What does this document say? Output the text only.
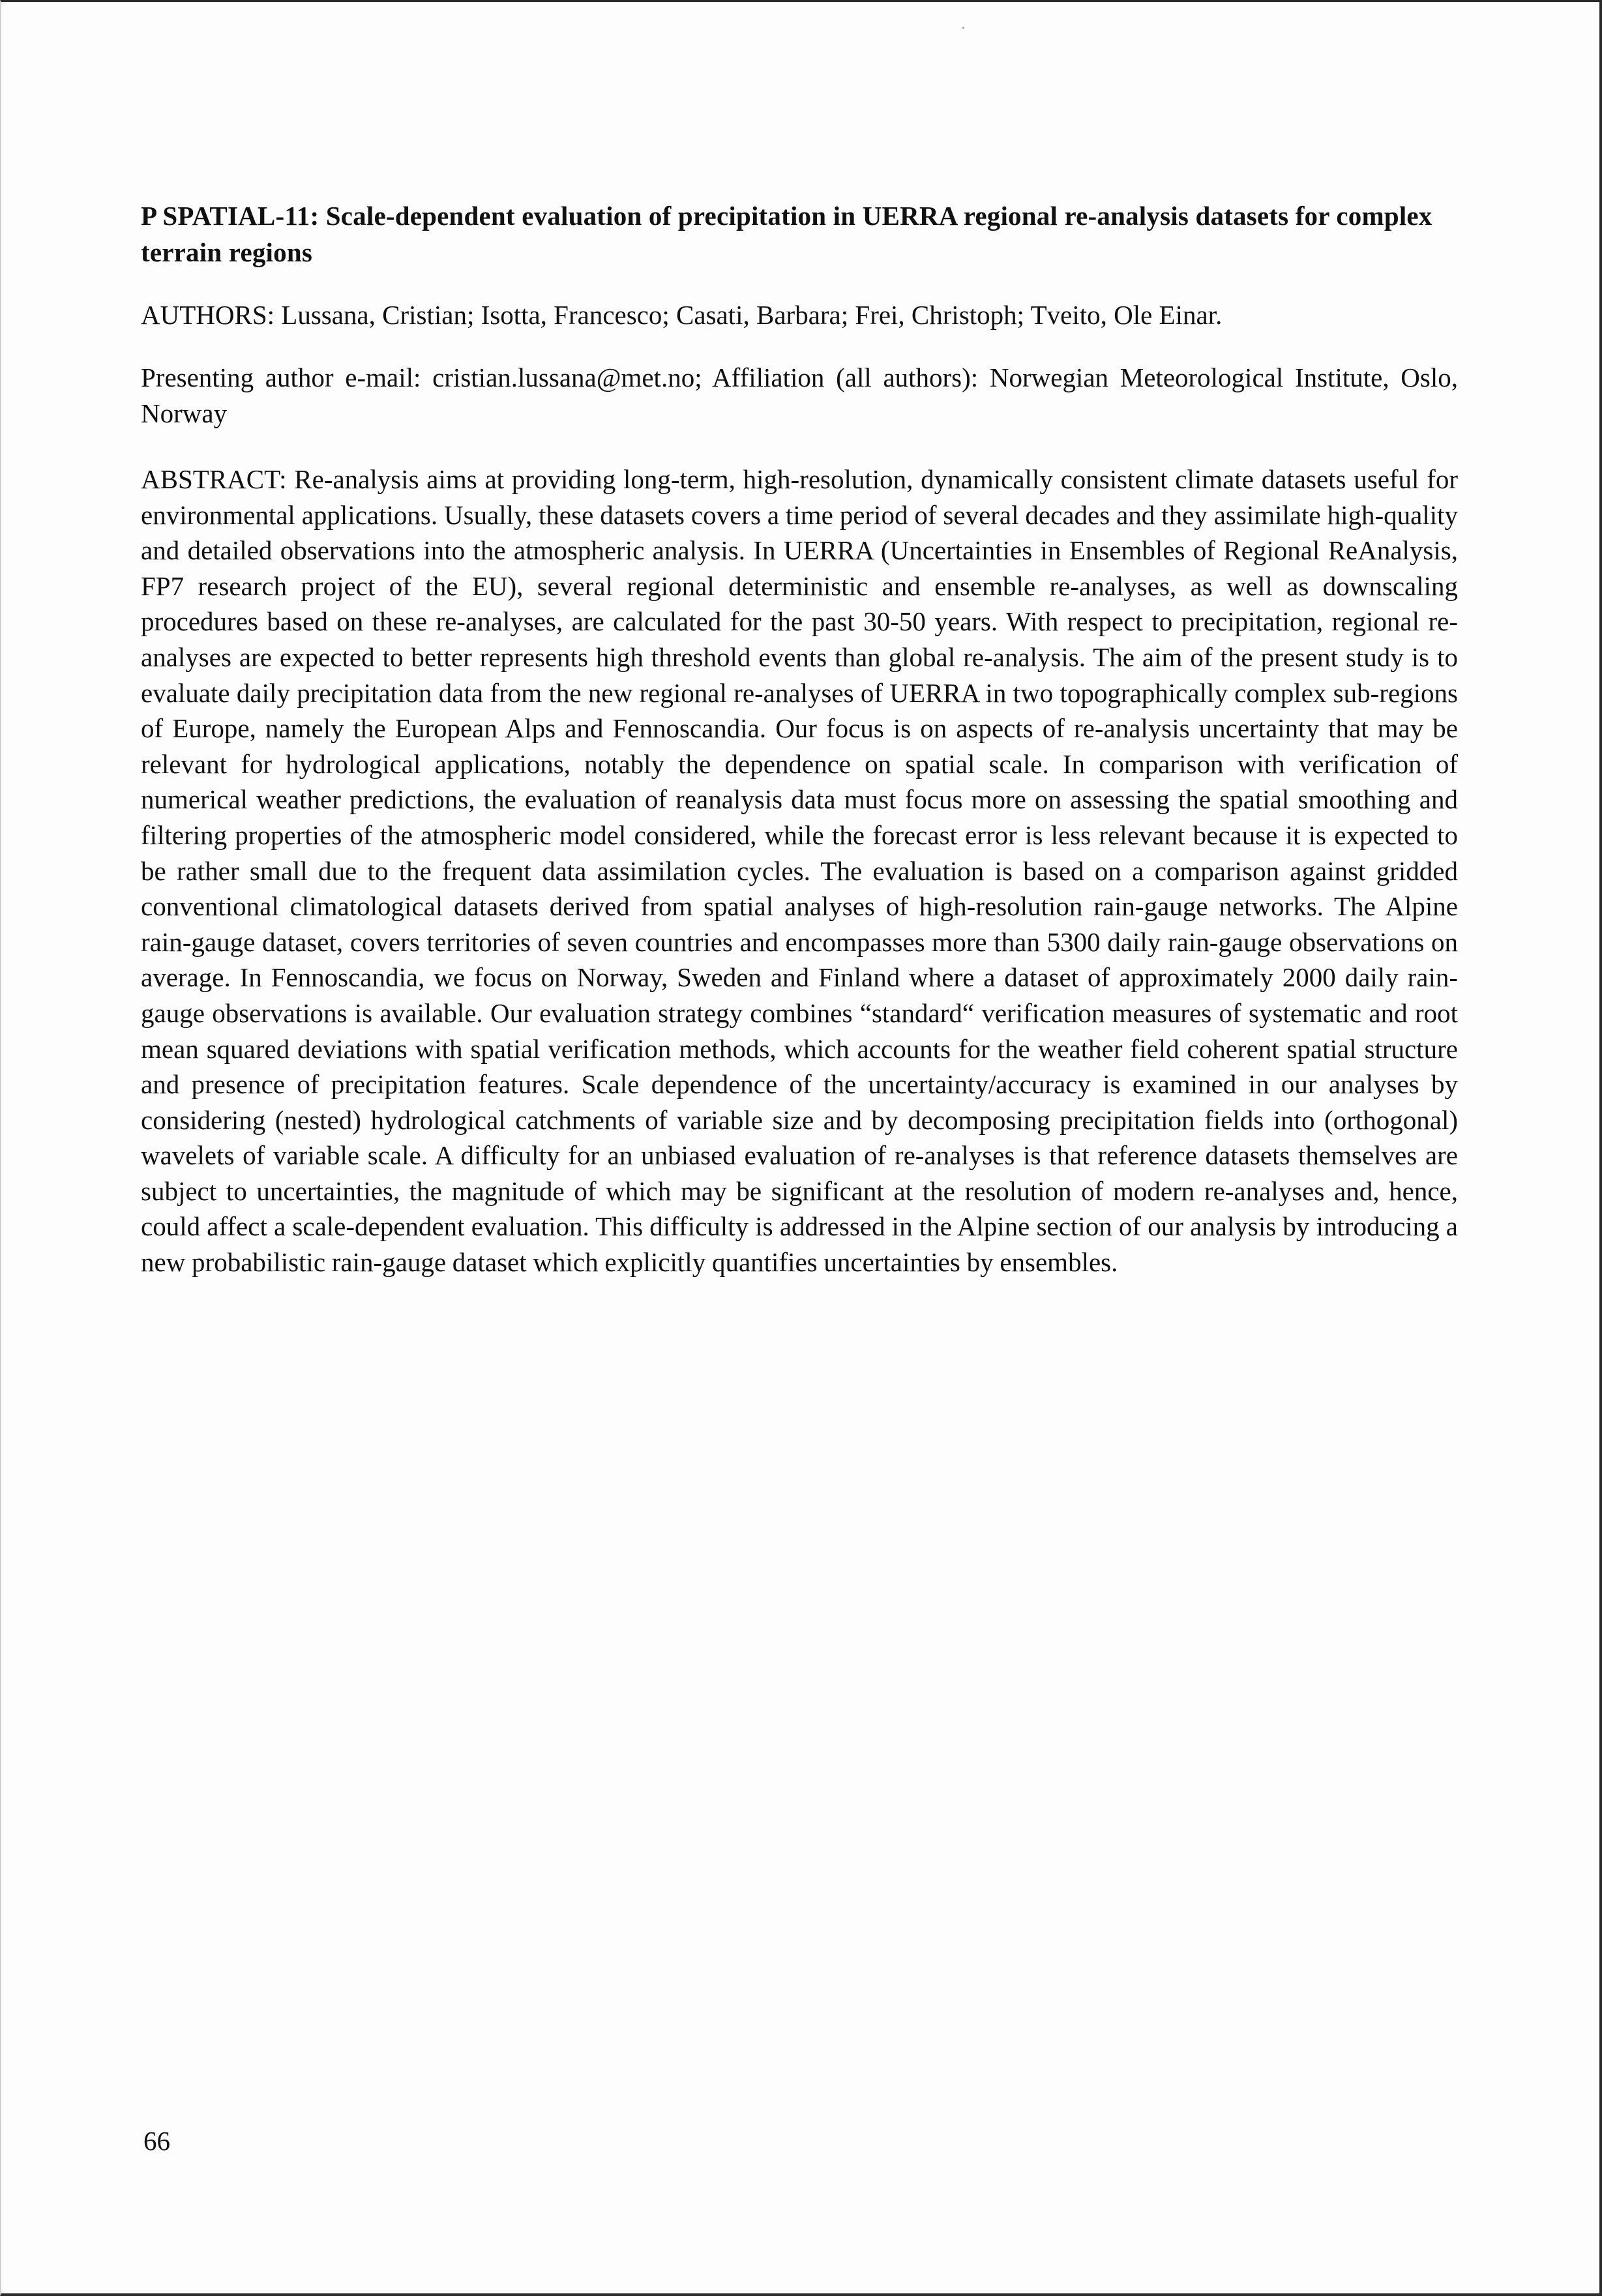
P SPATIAL-11: Scale-dependent evaluation of precipitation in UERRA regional re-analysis datasets for complex terrain regions

AUTHORS: Lussana, Cristian; Isotta, Francesco; Casati, Barbara; Frei, Christoph; Tveito, Ole Einar.

Presenting author e-mail: cristian.lussana@met.no; Affiliation (all authors): Norwegian Meteorological Institute, Oslo, Norway

ABSTRACT: Re-analysis aims at providing long-term, high-resolution, dynamically consistent climate datasets useful for environmental applications. Usually, these datasets covers a time period of several decades and they assimilate high-quality and detailed observations into the atmospheric analysis. In UERRA (Uncertainties in Ensembles of Regional ReAnalysis, FP7 research project of the EU), several regional deterministic and ensemble re-analyses, as well as downscaling procedures based on these re-analyses, are calculated for the past 30-50 years. With respect to precipitation, regional re-analyses are expected to better represents high threshold events than global re-analysis. The aim of the present study is to evaluate daily precipitation data from the new regional re-analyses of UERRA in two topographically complex sub-regions of Europe, namely the European Alps and Fennoscandia. Our focus is on aspects of re-analysis uncertainty that may be relevant for hydrological applications, notably the dependence on spatial scale. In comparison with verification of numerical weather predictions, the evaluation of reanalysis data must focus more on assessing the spatial smoothing and filtering properties of the atmospheric model considered, while the forecast error is less relevant because it is expected to be rather small due to the frequent data assimilation cycles. The evaluation is based on a comparison against gridded conventional climatological datasets derived from spatial analyses of high-resolution rain-gauge networks. The Alpine rain-gauge dataset, covers territories of seven countries and encompasses more than 5300 daily rain-gauge observations on average. In Fennoscandia, we focus on Norway, Sweden and Finland where a dataset of approximately 2000 daily rain-gauge observations is available. Our evaluation strategy combines “standard“ verification measures of systematic and root mean squared deviations with spatial verification methods, which accounts for the weather field coherent spatial structure and presence of precipitation features. Scale dependence of the uncertainty/accuracy is examined in our analyses by considering (nested) hydrological catchments of variable size and by decomposing precipitation fields into (orthogonal) wavelets of variable scale. A difficulty for an unbiased evaluation of re-analyses is that reference datasets themselves are subject to uncertainties, the magnitude of which may be significant at the resolution of modern re-analyses and, hence, could affect a scale-dependent evaluation. This difficulty is addressed in the Alpine section of our analysis by introducing a new probabilistic rain-gauge dataset which explicitly quantifies uncertainties by ensembles.

66
